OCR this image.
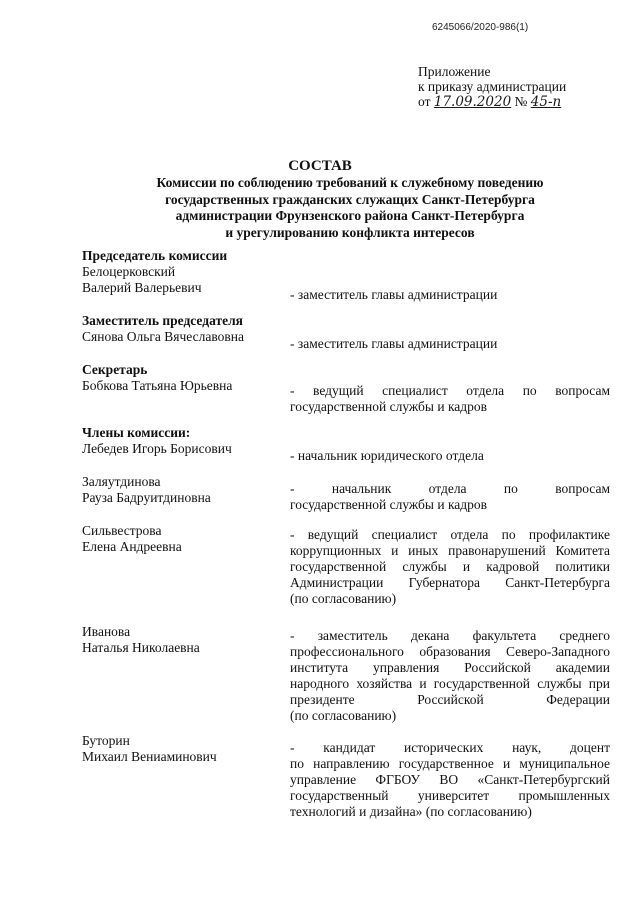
6245066/2020-986(1)
Приложение
к приказу администрации
от 17.09.2020 № 45-п
СОСТАВ
Комиссии по соблюдению требований к служебному поведению
государственных гражданских служащих Санкт-Петербурга
администрации Фрунзенского района Санкт-Петербурга
и урегулированию конфликта интересов
Председатель комиссии
Белоцерковский
Валерий Валерьевич	- заместитель главы администрации
Заместитель председателя
Сянова Ольга Вячеславовна	- заместитель главы администрации
Секретарь
Бобкова Татьяна Юрьевна	- ведущий специалист отдела по вопросам
государственной службы и кадров
Члены комиссии:
Лебедев Игорь Борисович	- начальник юридического отдела
Заляутдинова
Рауза Бадруитдиновна
- начальник отдела по вопросам
государственной службы и кадров
Сильвестрова
Елена Андреевна
- ведущий специалист отдела по профилактике
коррупционных и иных правонарушений Комитета
государственной службы и кадровой политики
Администрации Губернатора Санкт-Петербурга
(по согласованию)
Иванова
Наталья Николаевна
- заместитель декана факультета среднего
профессионального образования Северо-Западного
института управления Российской академии
народного хозяйства и государственной службы при
президенте Российской Федерации
(по согласованию)
Буторин
Михаил Вениаминович
- кандидат исторических наук, доцент
по направлению государственное и муниципальное
управление ФГБОУ ВО «Санкт-Петербургский
государственный университет промышленных
технологий и дизайна» (по согласованию)
